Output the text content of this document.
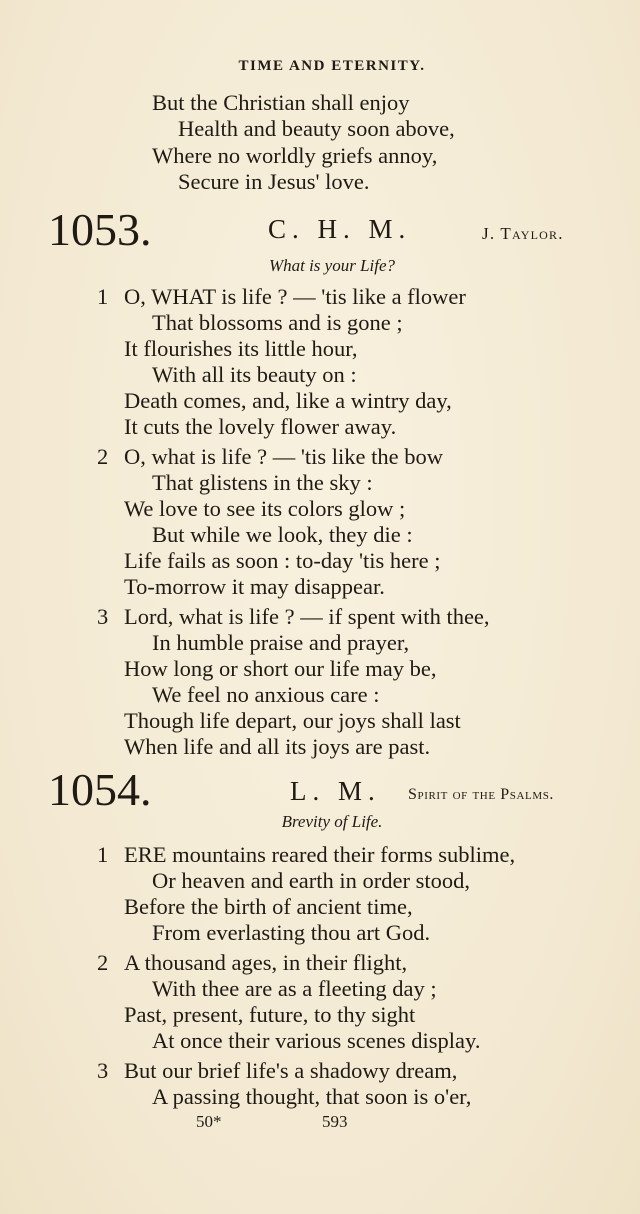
TIME AND ETERNITY.
But the Christian shall enjoy
Health and beauty soon above,
Where no worldly griefs annoy,
Secure in Jesus' love.
1053.	C. H. M.	J. Taylor.
What is your Life?
1 O, WHAT is life ? — 'tis like a flower
That blossoms and is gone ;
It flourishes its little hour,
With all its beauty on :
Death comes, and, like a wintry day,
It cuts the lovely flower away.
2 O, what is life ? — 'tis like the bow
That glistens in the sky :
We love to see its colors glow ;
But while we look, they die :
Life fails as soon : to-day 'tis here ;
To-morrow it may disappear.
3 Lord, what is life ? — if spent with thee,
In humble praise and prayer,
How long or short our life may be,
We feel no anxious care :
Though life depart, our joys shall last
When life and all its joys are past.
1054.	L. M. Spirit of the Psalms.
Brevity of Life.
1 ERE mountains reared their forms sublime,
Or heaven and earth in order stood,
Before the birth of ancient time,
From everlasting thou art God.
2 A thousand ages, in their flight,
With thee are as a fleeting day ;
Past, present, future, to thy sight
At once their various scenes display.
3 But our brief life's a shadowy dream,
A passing thought, that soon is o'er,
50*	593
